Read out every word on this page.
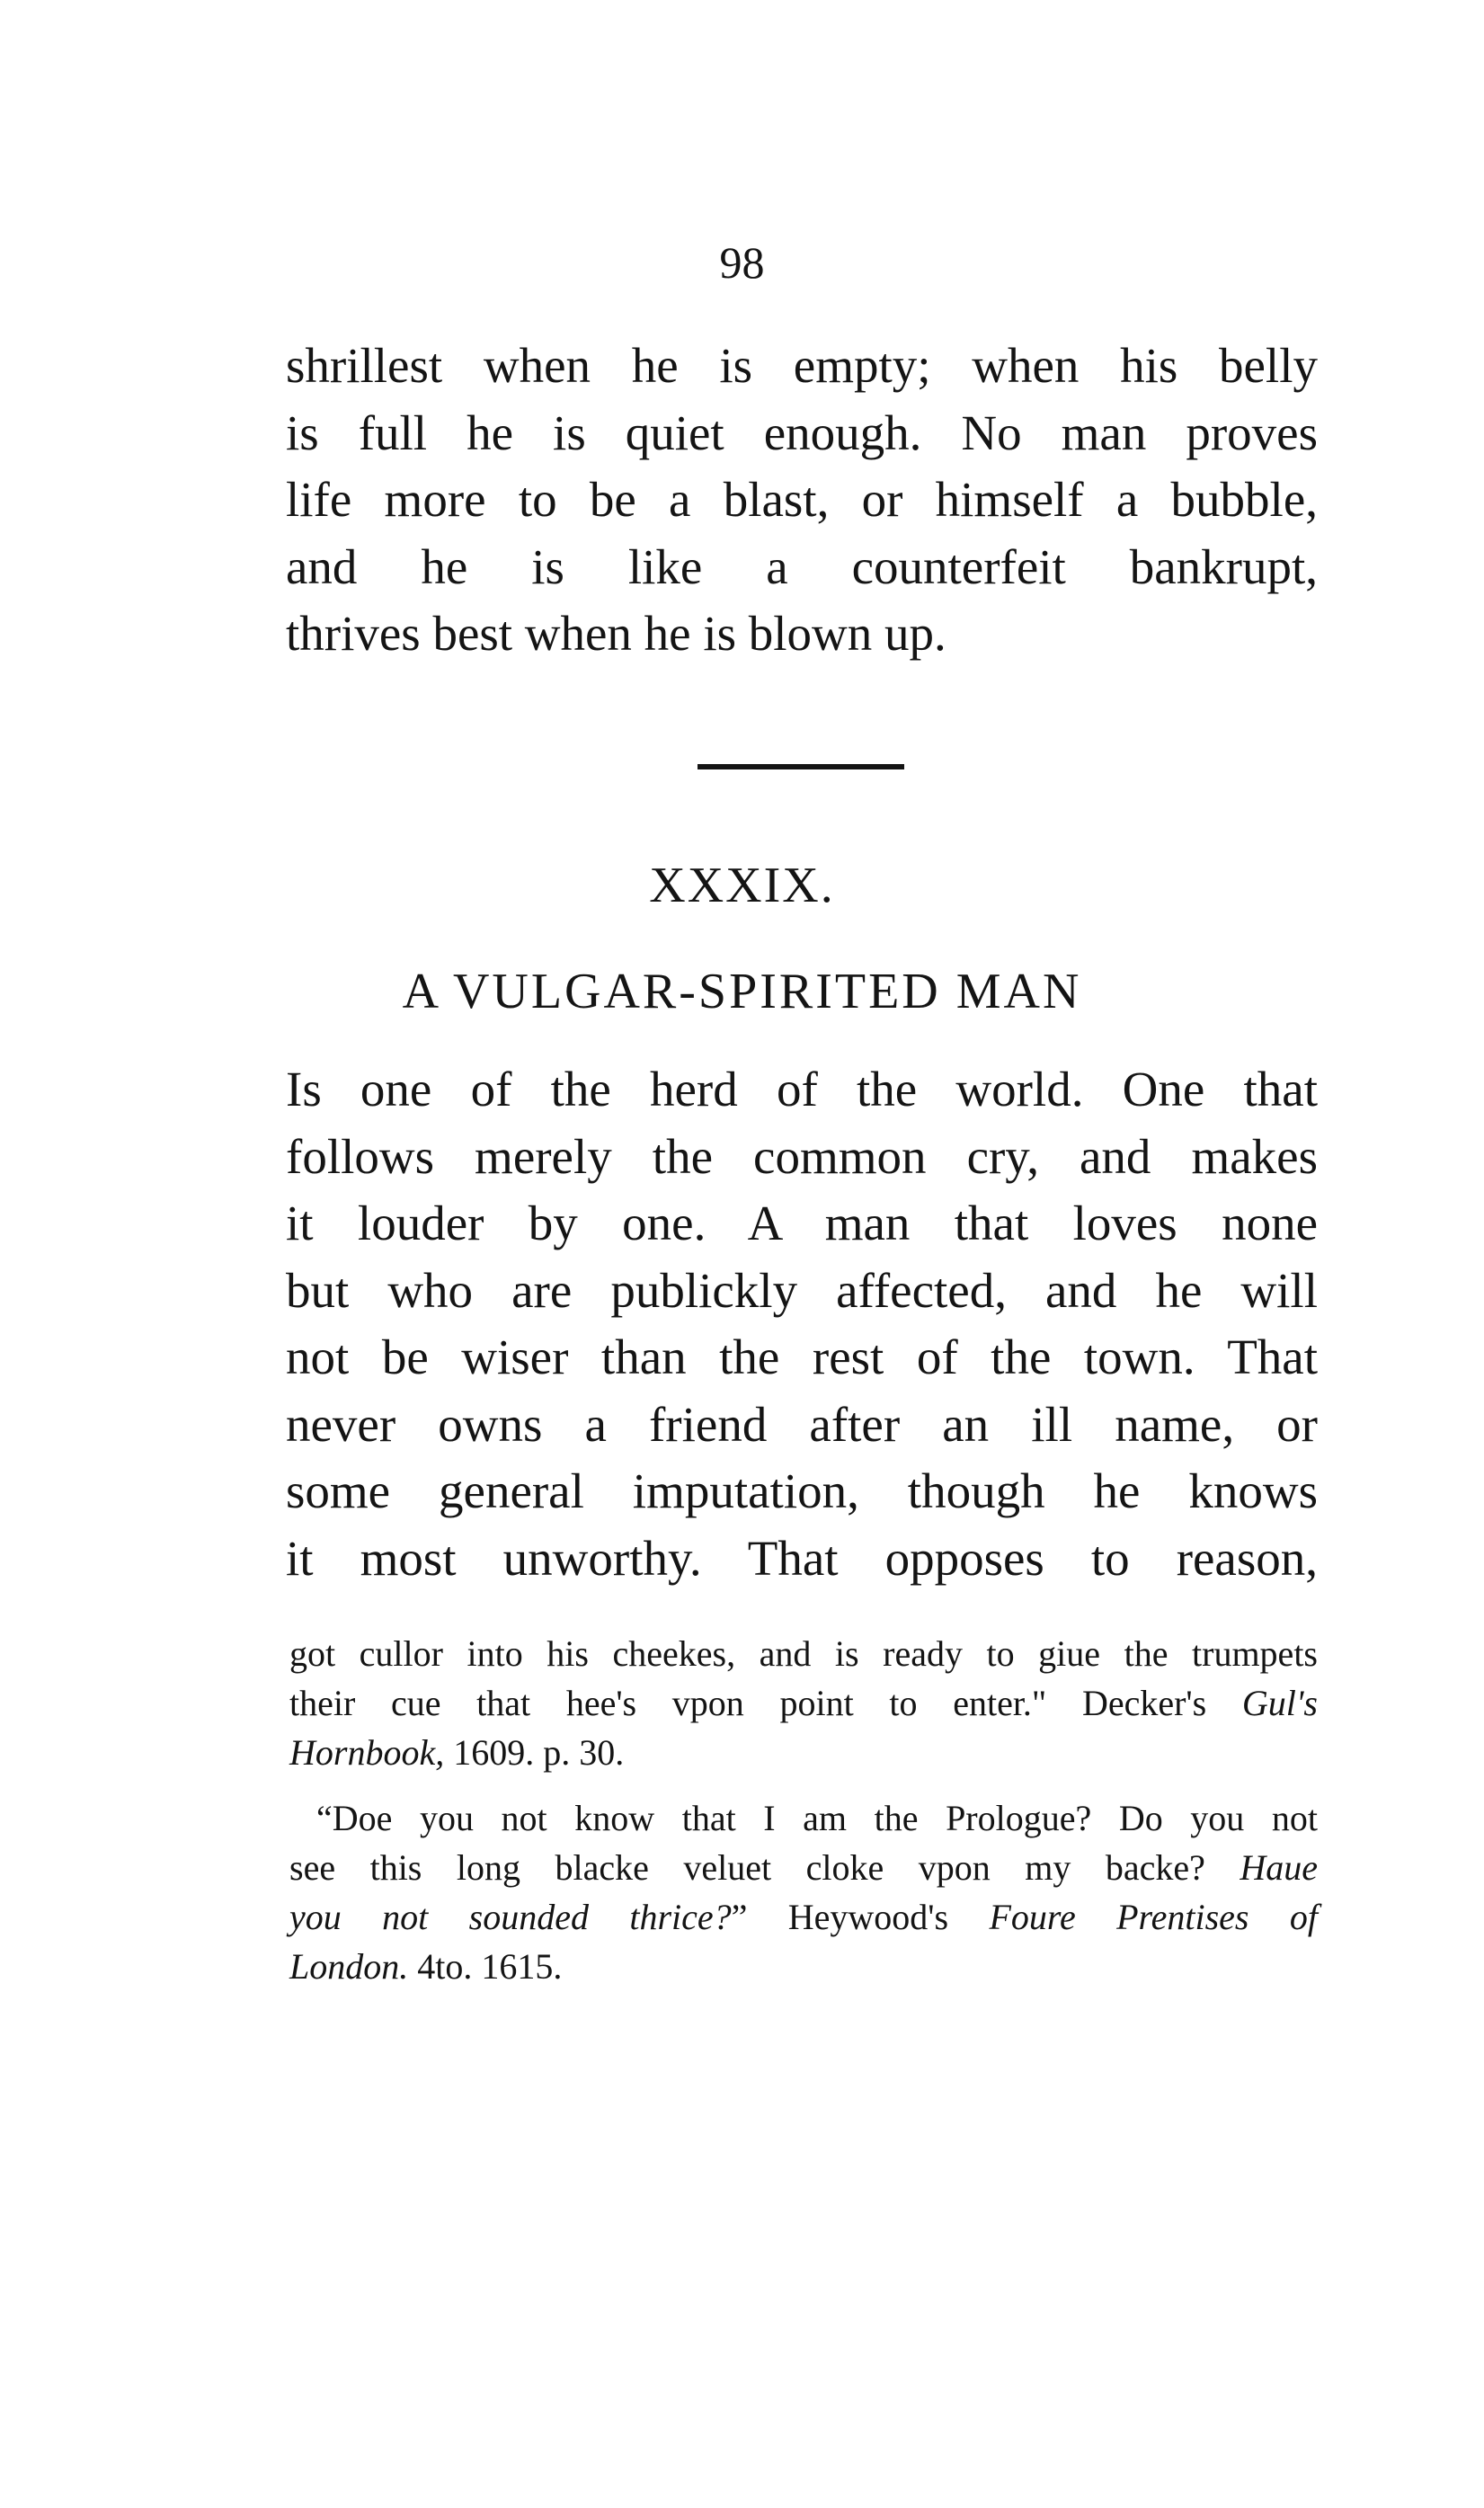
98
shrillest when he is empty; when his belly
is full he is quiet enough. No man proves
life more to be a blast, or himself a bubble,
and he is like a counterfeit bankrupt,
thrives best when he is blown up.
XXXIX.
A VULGAR-SPIRITED MAN
Is one of the herd of the world. One that
follows merely the common cry, and makes
it louder by one. A man that loves none
but who are publickly affected, and he will
not be wiser than the rest of the town. That
never owns a friend after an ill name, or
some general imputation, though he knows
it most unworthy. That opposes to reason,
got cullor into his cheekes, and is ready to giue the trumpets
their cue that hee's vpon point to enter." Decker's Gul's
Hornbook, 1609. p. 30.
“Doe you not know that I am the Prologue? Do you not
see this long blacke veluet cloke vpon my backe? Haue
you not sounded thrice?” Heywood's Foure Prentises of
London. 4to. 1615.
